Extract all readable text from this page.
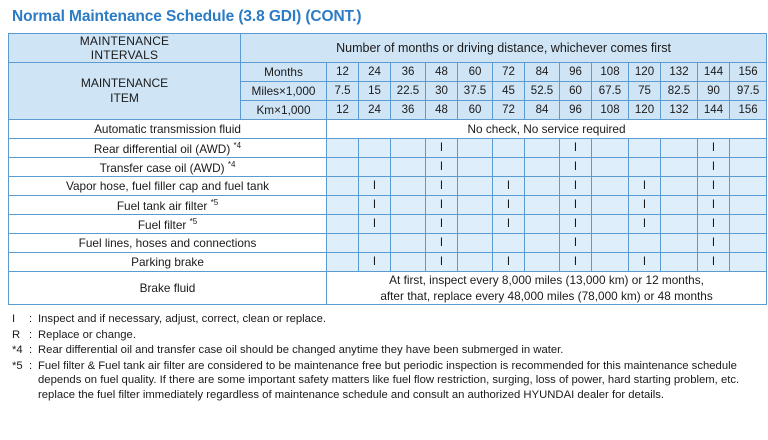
Normal Maintenance Schedule (3.8 GDI) (CONT.)
MAINTENANCE
INTERVALS	Number of months or driving distance, whichever comes first													
MAINTENANCE
ITEM	Months	12	24	36	48	60	72	84	96	108	120	132	144	156
	Miles×1,000	7.5	15	22.5	30	37.5	45	52.5	60	67.5	75	82.5	90	97.5
	Km×1,000	12	24	36	48	60	72	84	96	108	120	132	144	156
Automatic transmission fluid		No check, No service required												
Rear differential oil (AWD) $^{*4}$					I				I				I	
Transfer case oil (AWD) $^{*4}$					I				I				I	
Vapor hose, fuel filler cap and fuel tank			I		I		I		I		I		I	
Fuel tank air filter $^{*5}$			I		I		I		I		I		I	
Fuel filter $^{*5}$			I		I		I		I		I		I	
Fuel lines, hoses and connections					I				I				I	
Parking brake			I		I		I		I		I		I	
Brake fluid		At first, inspect every 8,000 miles (13,000 km) or 12 months,
after that, replace every 48,000 miles (78,000 km) or 48 months												
I	: Inspect and if necessary, adjust, correct, clean or replace.
R : Replace or change.
*4 : Rear differential oil and transfer case oil should be changed anytime they have been submerged in water.
*5 : Fuel filter & Fuel tank air filter are considered to be maintenance free but periodic inspection is recommended for this maintenance schedule depends on fuel quality. If there are some important safety matters like fuel flow restriction, surging, loss of power, hard starting problem, etc. replace the fuel filter immediately regardless of maintenance schedule and consult an authorized HYUNDAI dealer for details.
